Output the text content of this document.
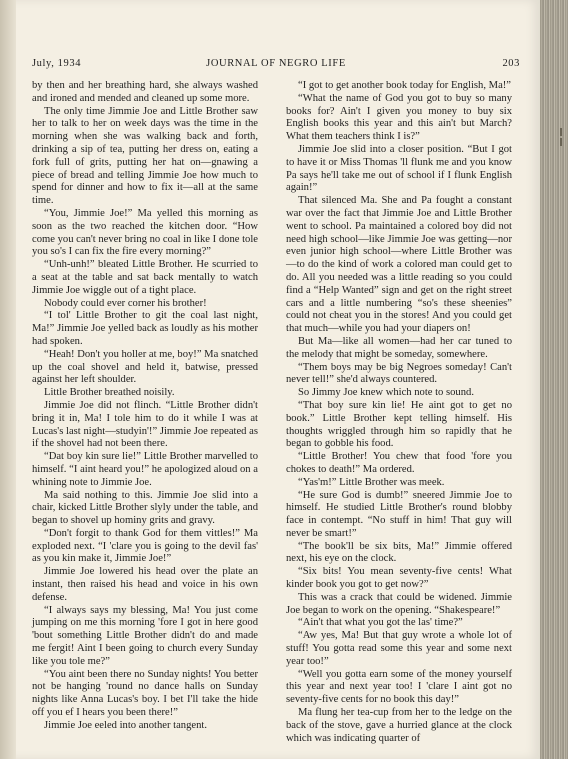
July, 1934	JOURNAL OF NEGRO LIFE	203

by then and her breathing hard, she always washed and ironed and mended and cleaned up some more.

The only time Jimmie Joe and Little Brother saw her to talk to her on week days was the time in the morning when she was walking back and forth, drinking a sip of tea, putting her dress on, eating a fork full of grits, putting her hat on—gnawing a piece of bread and telling Jimmie Joe how much to spend for dinner and how to fix it—all at the same time.

“You, Jimmie Joe!” Ma yelled this morning as soon as the two reached the kitchen door. “How come you can't never bring no coal in like I done tole you so's I can fix the fire every morning?”

“Unh-unh!” bleated Little Brother. He scurried to a seat at the table and sat back mentally to watch Jimmie Joe wiggle out of a tight place.

Nobody could ever corner his brother!

“I tol' Little Brother to git the coal last night, Ma!” Jimmie Joe yelled back as loudly as his mother had spoken.

“Heah! Don't you holler at me, boy!” Ma snatched up the coal shovel and held it, batwise, pressed against her left shoulder.

Little Brother breathed noisily.

Jimmie Joe did not flinch. “Little Brother didn't bring it in, Ma! I tole him to do it while I was at Lucas's last night—studyin'!” Jimmie Joe repeated as if the shovel had not been there.

“Dat boy kin sure lie!” Little Brother marvelled to himself. “I aint heard you!” he apologized aloud on a whining note to Jimmie Joe.

Ma said nothing to this. Jimmie Joe slid into a chair, kicked Little Brother slyly under the table, and began to shovel up hominy grits and gravy.

“Don't forgit to thank God for them vittles!” Ma exploded next. “I 'clare you is going to the devil fas' as you kin make it, Jimmie Joe!”

Jimmie Joe lowered his head over the plate an instant, then raised his head and voice in his own defense.

“I always says my blessing, Ma! You just come jumping on me this morning 'fore I got in here good 'bout something Little Brother didn't do and made me fergit! Aint I been going to church every Sunday like you tole me?”

“You aint been there no Sunday nights! You better not be hanging 'round no dance halls on Sunday nights like Anna Lucas's boy. I bet I'll take the hide off you ef I hears you been there!”

Jimmie Joe eeled into another tangent.

“I got to get another book today for English, Ma!”

“What the name of God you got to buy so many books for? Ain't I given you money to buy six English books this year and this ain't but March? What them teachers think I is?”

Jimmie Joe slid into a closer position. “But I got to have it or Miss Thomas 'll flunk me and you know Pa says he'll take me out of school if I flunk English again!”

That silenced Ma. She and Pa fought a constant war over the fact that Jimmie Joe and Little Brother went to school. Pa maintained a colored boy did not need high school—like Jimmie Joe was getting—nor even junior high school—where Little Brother was—to do the kind of work a colored man could get to do. All you needed was a little reading so you could find a “Help Wanted” sign and get on the right street cars and a little numbering “so's these sheenies” could not cheat you in the stores! And you could get that much—while you had your diapers on!

But Ma—like all women—had her car tuned to the melody that might be someday, somewhere.

“Them boys may be big Negroes someday! Can't never tell!” she'd always countered.

So Jimmy Joe knew which note to sound.

“That boy sure kin lie! He aint got to get no book.” Little Brother kept telling himself. His thoughts wriggled through him so rapidly that he began to gobble his food.

“Little Brother! You chew that food 'fore you chokes to death!” Ma ordered.

“Yas'm!” Little Brother was meek.

“He sure God is dumb!” sneered Jimmie Joe to himself. He studied Little Brother's round blobby face in contempt. “No stuff in him! That guy will never be smart!”

“The book'll be six bits, Ma!” Jimmie offered next, his eye on the clock.

“Six bits! You mean seventy-five cents! What kinder book you got to get now?”

This was a crack that could be widened. Jimmie Joe began to work on the opening. “Shakespeare!”

“Ain't that what you got the las' time?”

“Aw yes, Ma! But that guy wrote a whole lot of stuff! You gotta read some this year and some next year too!”

“Well you gotta earn some of the money yourself this year and next year too! I 'clare I aint got no seventy-five cents for no book this day!”

Ma flung her tea-cup from her to the ledge on the back of the stove, gave a hurried glance at the clock which was indicating quarter of
